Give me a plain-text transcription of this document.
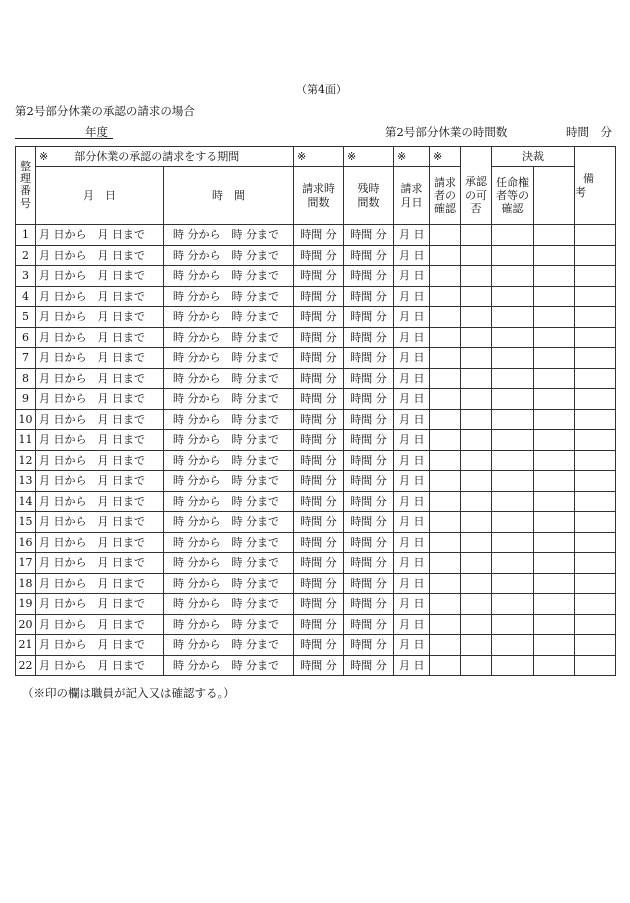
（第4面）
第2号部分休業の承認の請求の場合
年度	第2号部分休業の時間数	時間　分
整理番号	※ 部分休業の承認の請求をする期間		※	※	※	※		決裁		備　考
	月　日	時　間	請求時間数	残時間数	請求月日	請求者の確認	承認の可否	任命権者等の確認		
1	月 日から　月 日まで	時 分から　時 分まで	時間 分	時間 分	月 日					
2	月 日から　月 日まで	時 分から　時 分まで	時間 分	時間 分	月 日					
3	月 日から　月 日まで	時 分から　時 分まで	時間 分	時間 分	月 日					
4	月 日から　月 日まで	時 分から　時 分まで	時間 分	時間 分	月 日					
5	月 日から　月 日まで	時 分から　時 分まで	時間 分	時間 分	月 日					
6	月 日から　月 日まで	時 分から　時 分まで	時間 分	時間 分	月 日					
7	月 日から　月 日まで	時 分から　時 分まで	時間 分	時間 分	月 日					
8	月 日から　月 日まで	時 分から　時 分まで	時間 分	時間 分	月 日					
9	月 日から　月 日まで	時 分から　時 分まで	時間 分	時間 分	月 日					
10	月 日から　月 日まで	時 分から　時 分まで	時間 分	時間 分	月 日					
11	月 日から　月 日まで	時 分から　時 分まで	時間 分	時間 分	月 日					
12	月 日から　月 日まで	時 分から　時 分まで	時間 分	時間 分	月 日					
13	月 日から　月 日まで	時 分から　時 分まで	時間 分	時間 分	月 日					
14	月 日から　月 日まで	時 分から　時 分まで	時間 分	時間 分	月 日					
15	月 日から　月 日まで	時 分から　時 分まで	時間 分	時間 分	月 日					
16	月 日から　月 日まで	時 分から　時 分まで	時間 分	時間 分	月 日					
17	月 日から　月 日まで	時 分から　時 分まで	時間 分	時間 分	月 日					
18	月 日から　月 日まで	時 分から　時 分まで	時間 分	時間 分	月 日					
19	月 日から　月 日まで	時 分から　時 分まで	時間 分	時間 分	月 日					
20	月 日から　月 日まで	時 分から　時 分まで	時間 分	時間 分	月 日					
21	月 日から　月 日まで	時 分から　時 分まで	時間 分	時間 分	月 日					
22	月 日から　月 日まで	時 分から　時 分まで	時間 分	時間 分	月 日					
（※印の欄は職員が記入又は確認する。）
